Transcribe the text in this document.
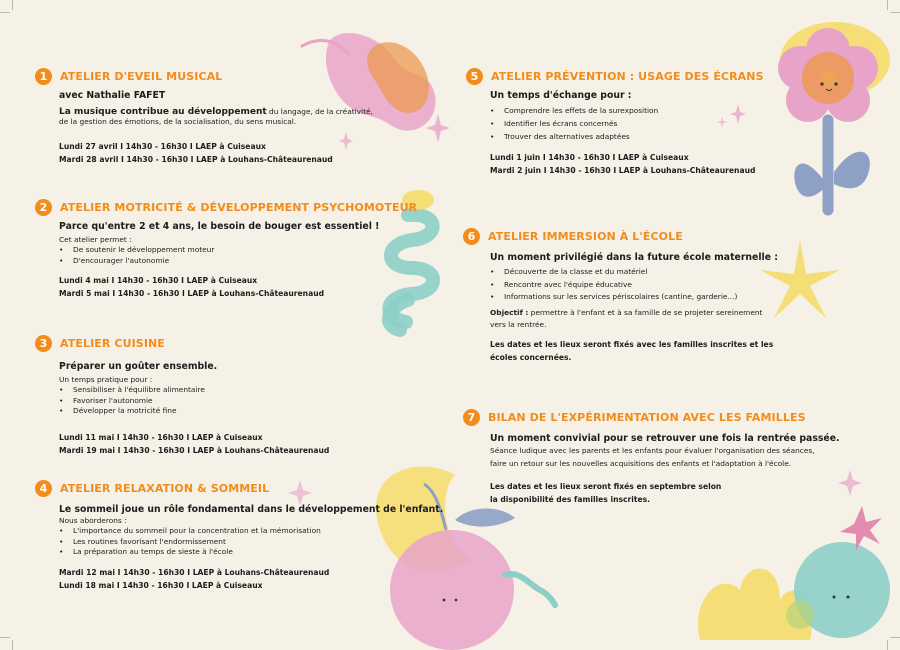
1	ATELIER D'EVEIL MUSICAL

avec Nathalie FAFET

La musique contribue au développement du langage, de la créativité,

de la gestion des émotions, de la socialisation, du sens musical.

Lundi 27 avril I 14h30 - 16h30 I LAEP à Cuiseaux

Mardi 28 avril I 14h30 - 16h30 I LAEP à Louhans-Châteaurenaud

2	ATELIER MOTRICITÉ & DÉVELOPPEMENT PSYCHOMOTEUR

Parce qu'entre 2 et 4 ans, le besoin de bouger est essentiel !

Cet atelier permet :

• De soutenir le développement moteur
• D'encourager l'autonomie

Lundi 4 mai I 14h30 - 16h30 I LAEP à Cuiseaux

Mardi 5 mai I 14h30 - 16h30 I LAEP à Louhans-Châteaurenaud

3	ATELIER CUISINE

Préparer un goûter ensemble.

Un temps pratique pour :

• Sensibiliser à l'équilibre alimentaire
• Favoriser l'autonomie
• Développer la motricité fine

Lundi 11 mai I 14h30 - 16h30 I LAEP à Cuiseaux

Mardi 19 mai I 14h30 - 16h30 I LAEP à Louhans-Châteaurenaud

4	ATELIER RELAXATION & SOMMEIL

Le sommeil joue un rôle fondamental dans le développement de l'enfant.

Nous aborderons :

• L'importance du sommeil pour la concentration et la mémorisation
• Les routines favorisant l'endormissement
• La préparation au temps de sieste à l'école

Mardi 12 mai I 14h30 - 16h30 I LAEP à Louhans-Châteaurenaud

Lundi 18 mai I 14h30 - 16h30 I LAEP à Cuiseaux

5	ATELIER PRÉVENTION : USAGE DES ÉCRANS

Un temps d'échange pour :

• Comprendre les effets de la surexposition
• Identifier les écrans concernés
• Trouver des alternatives adaptées

Lundi 1 juin I 14h30 - 16h30 I LAEP à Cuiseaux

Mardi 2 juin I 14h30 - 16h30 I LAEP à Louhans-Châteaurenaud

6	ATELIER IMMERSION À L'ÉCOLE

Un moment privilégié dans la future école maternelle :

• Découverte de la classe et du matériel
• Rencontre avec l'équipe éducative
• Informations sur les services périscolaires (cantine, garderie...)

Objectif : permettre à l'enfant et à sa famille de se projeter sereinement

vers la rentrée.

Les dates et les lieux seront fixés avec les familles inscrites et les

écoles concernées.

7	BILAN DE L'EXPÉRIMENTATION AVEC LES FAMILLES

Un moment convivial pour se retrouver une fois la rentrée passée.

Séance ludique avec les parents et les enfants pour évaluer l'organisation des séances,

faire un retour sur les nouvelles acquisitions des enfants et l'adaptation à l'école.

Les dates et les lieux seront fixés en septembre selon

la disponibilité des familles inscrites.
